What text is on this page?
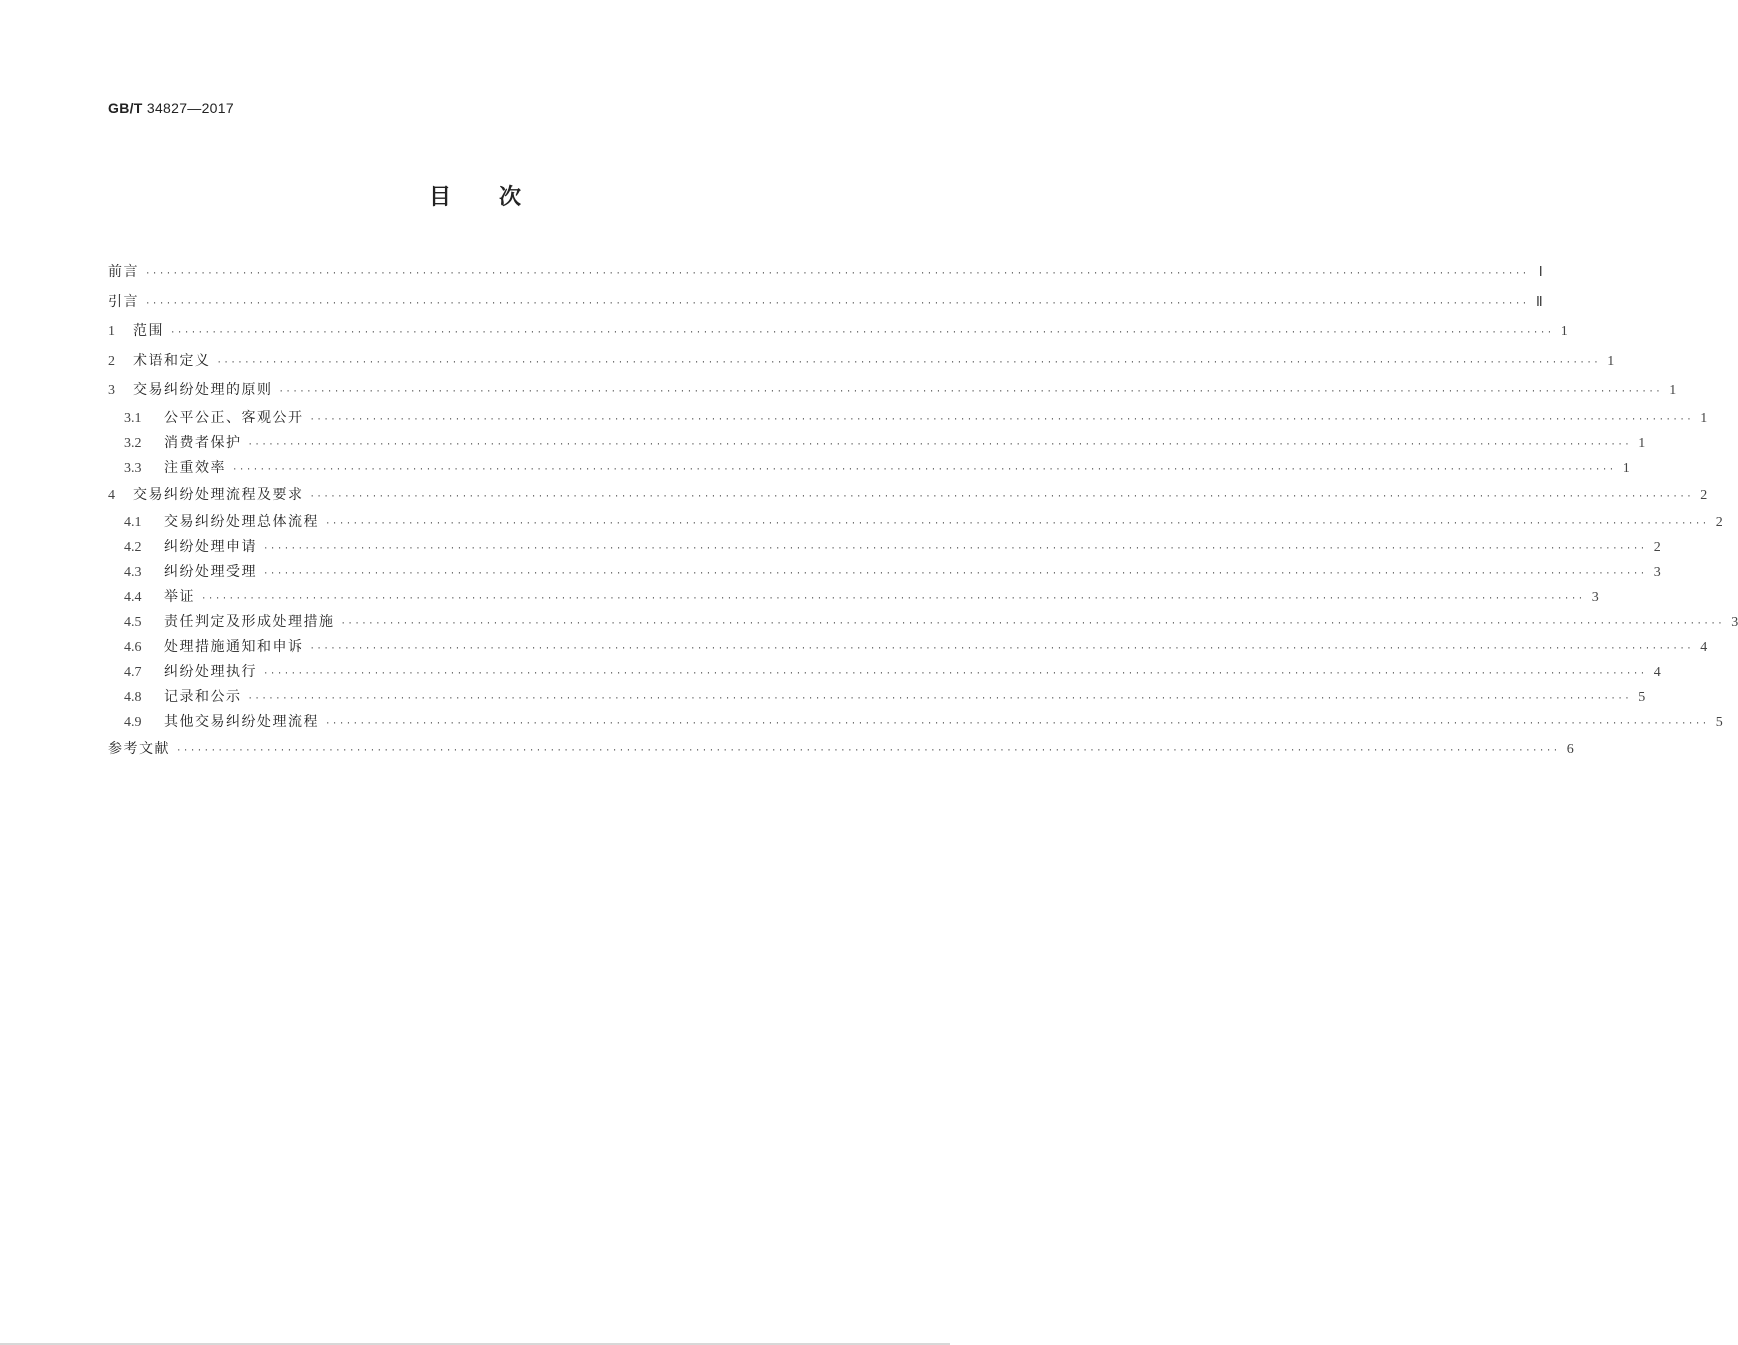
GB/T 34827—2017
目次
前言 ········································································································································································································ Ⅰ
引言 ········································································································································································································ Ⅱ
1	范围 ········································································································································································································ 1
2	术语和定义 ········································································································································································································ 1
3	交易纠纷处理的原则 ········································································································································································································ 1
3.1	公平公正、客观公开 ········································································································································································································ 1
3.2	消费者保护 ········································································································································································································ 1
3.3	注重效率 ········································································································································································································ 1
4	交易纠纷处理流程及要求 ········································································································································································································ 2
4.1	交易纠纷处理总体流程 ········································································································································································································ 2
4.2	纠纷处理申请 ········································································································································································································ 2
4.3	纠纷处理受理 ········································································································································································································ 3
4.4	举证 ········································································································································································································ 3
4.5	责任判定及形成处理措施 ········································································································································································································ 3
4.6	处理措施通知和申诉 ········································································································································································································ 4
4.7	纠纷处理执行 ········································································································································································································ 4
4.8	记录和公示 ········································································································································································································ 5
4.9	其他交易纠纷处理流程 ········································································································································································································ 5
参考文献 ········································································································································································································ 6
